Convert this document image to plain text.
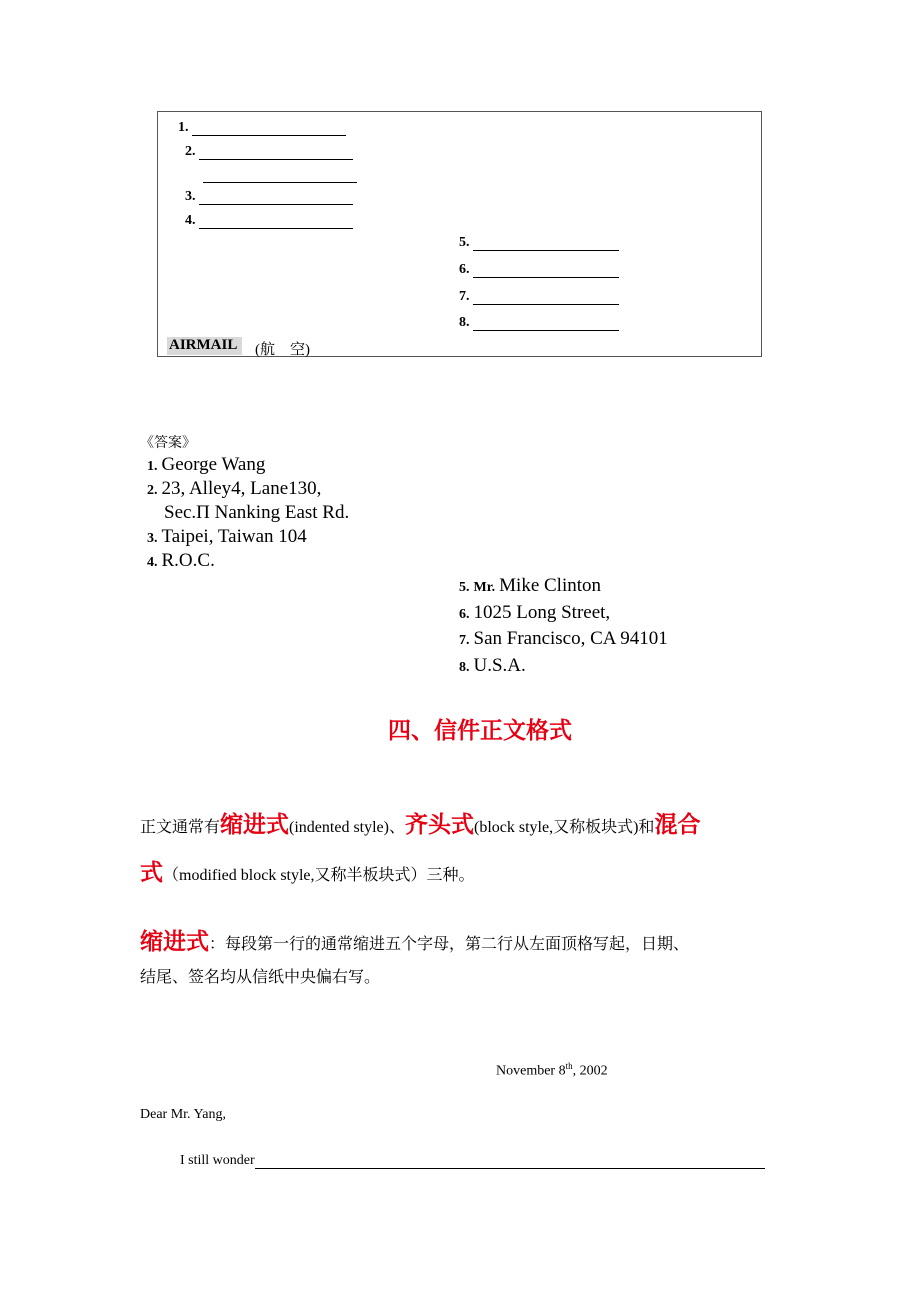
1.
2.
3.
4.
5.
6.
7.
8.
AIRMAIL	(航　空)
《答案》
1. George Wang
2. 23, Alley4, Lane130,
Sec.Π Nanking East Rd.
3. Taipei, Taiwan 104
4. R.O.C.
5. Mr. Mike Clinton
6. 1025 Long Street,
7. San Francisco, CA 94101
8. U.S.A.
四、信件正文格式
正文通常有缩进式(indented style)、齐头式(block style,又称板块式)和混合
式（modified block style,又称半板块式）三种。
缩进式：每段第一行的通常缩进五个字母，第二行从左面顶格写起，日期、
结尾、签名均从信纸中央偏右写。
November 8th, 2002
Dear Mr. Yang,
I still wonder
